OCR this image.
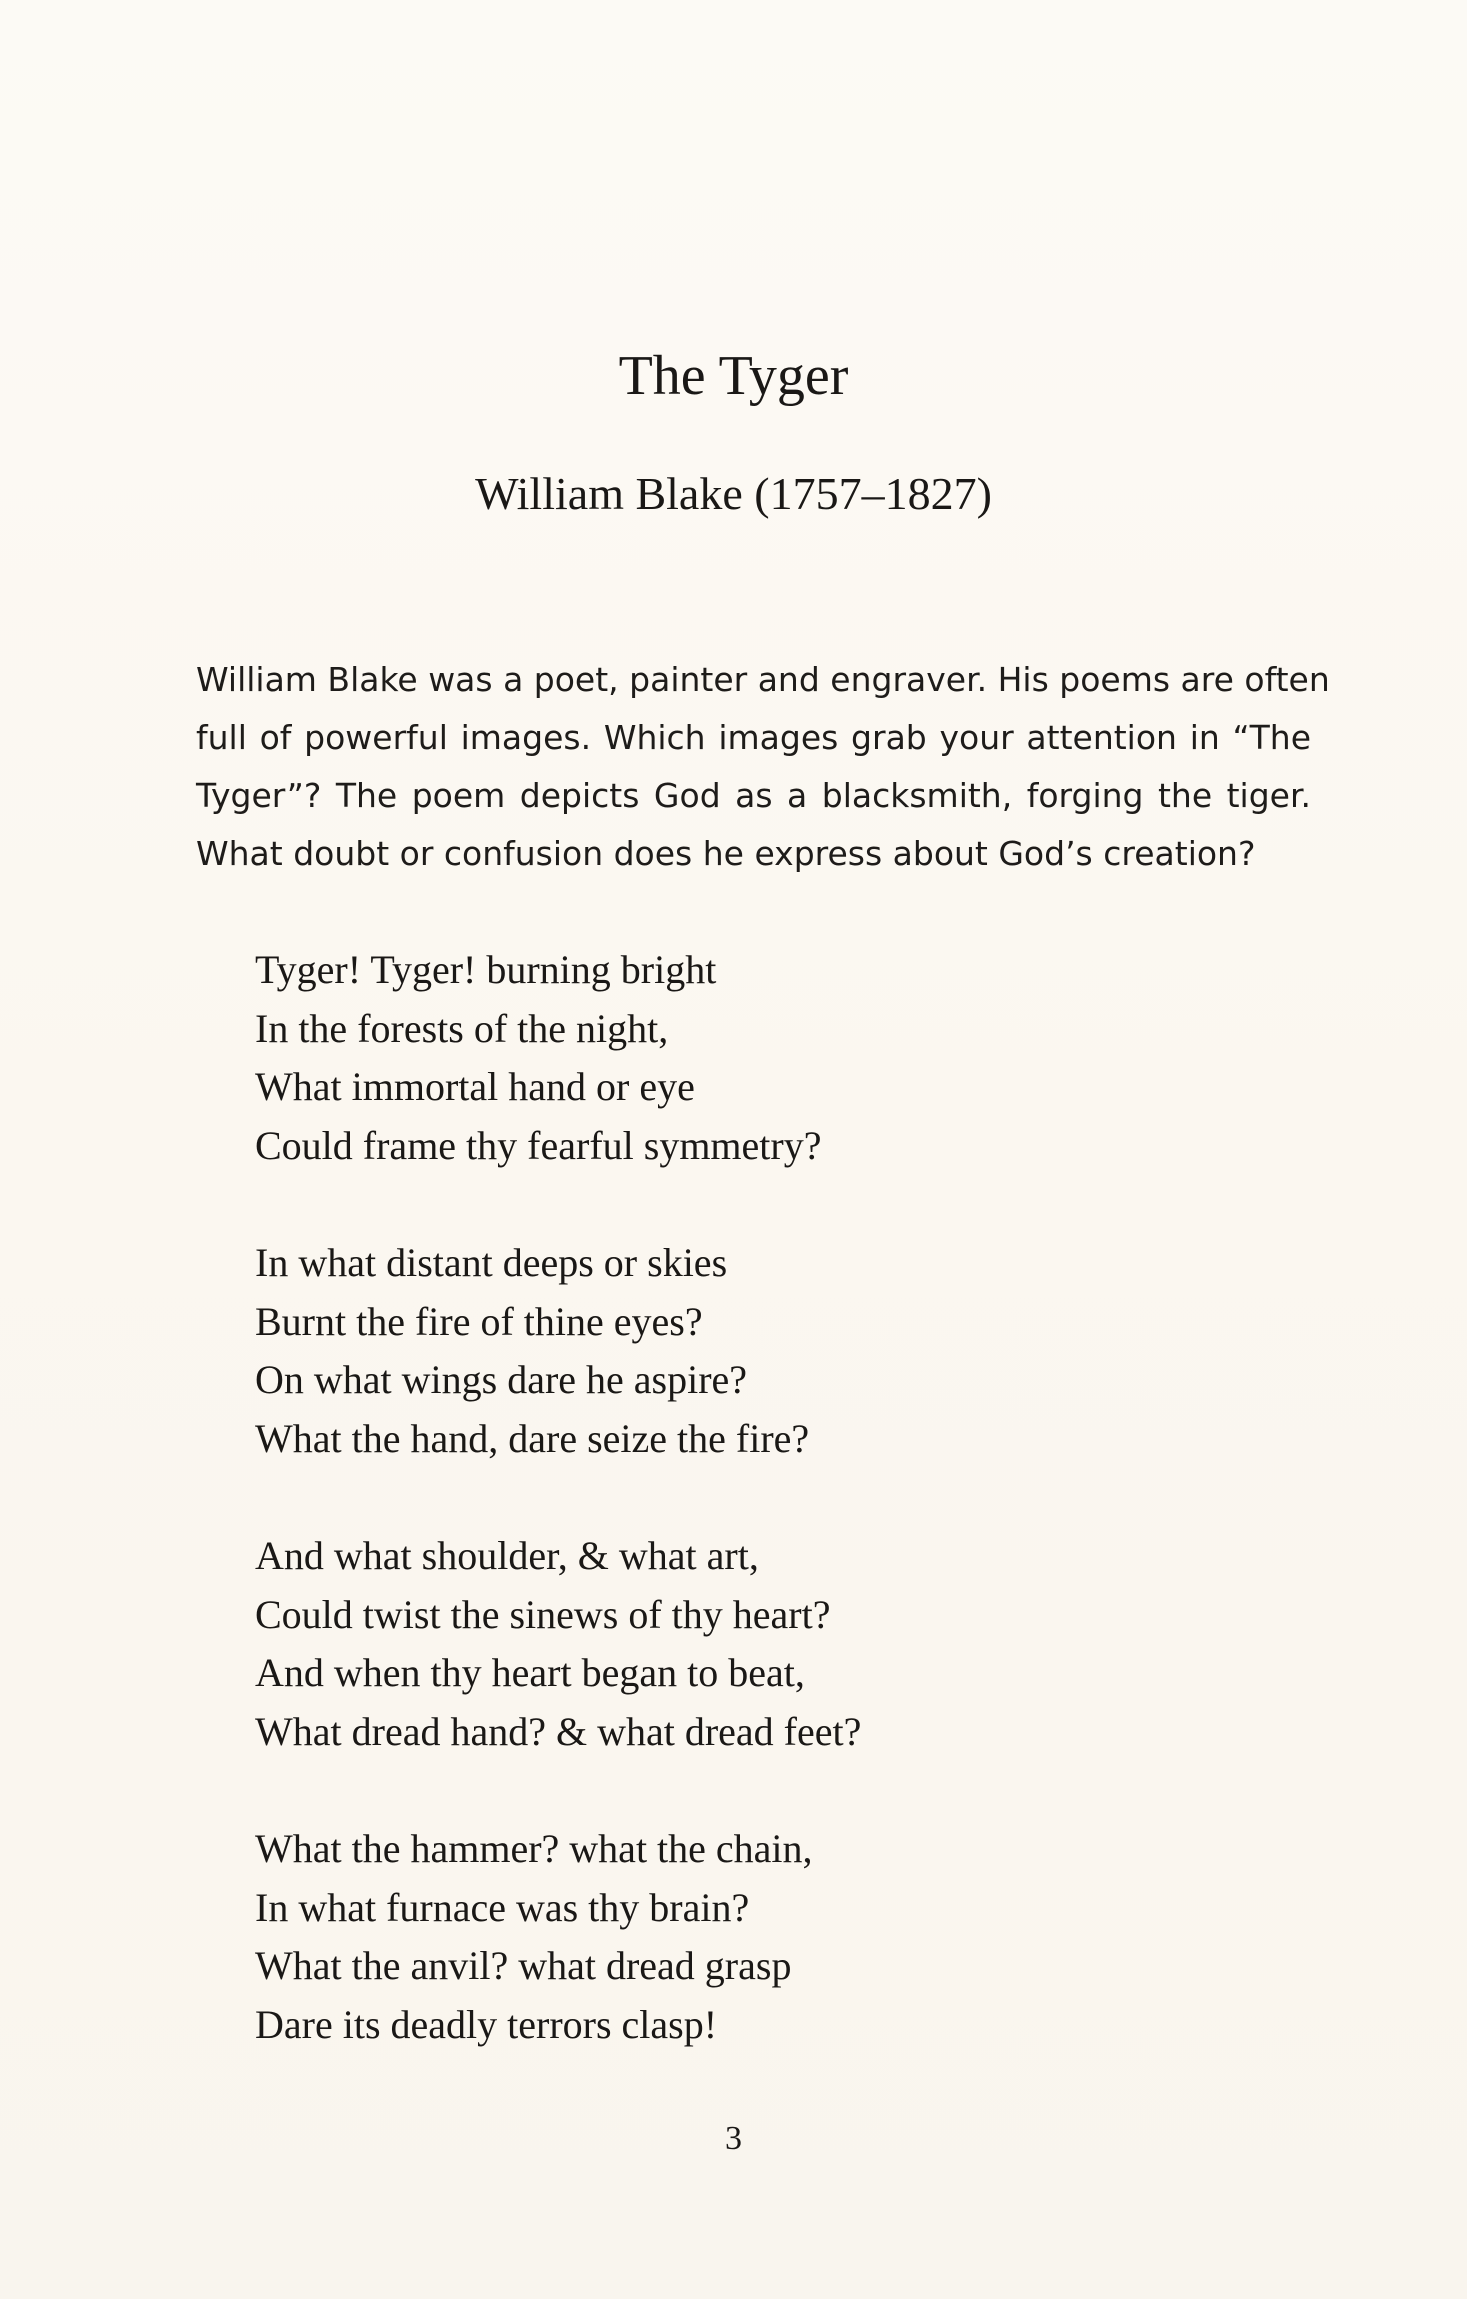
The Tyger
William Blake (1757–1827)
William Blake was a poet, painter and engraver. His poems are often
full of powerful images. Which images grab your attention in “The
Tyger”? The poem depicts God as a blacksmith, forging the tiger.
What doubt or confusion does he express about God’s creation?
Tyger! Tyger! burning bright
In the forests of the night,
What immortal hand or eye
Could frame thy fearful symmetry?
In what distant deeps or skies
Burnt the fire of thine eyes?
On what wings dare he aspire?
What the hand, dare seize the fire?
And what shoulder, & what art,
Could twist the sinews of thy heart?
And when thy heart began to beat,
What dread hand? & what dread feet?
What the hammer? what the chain,
In what furnace was thy brain?
What the anvil? what dread grasp
Dare its deadly terrors clasp!
3
